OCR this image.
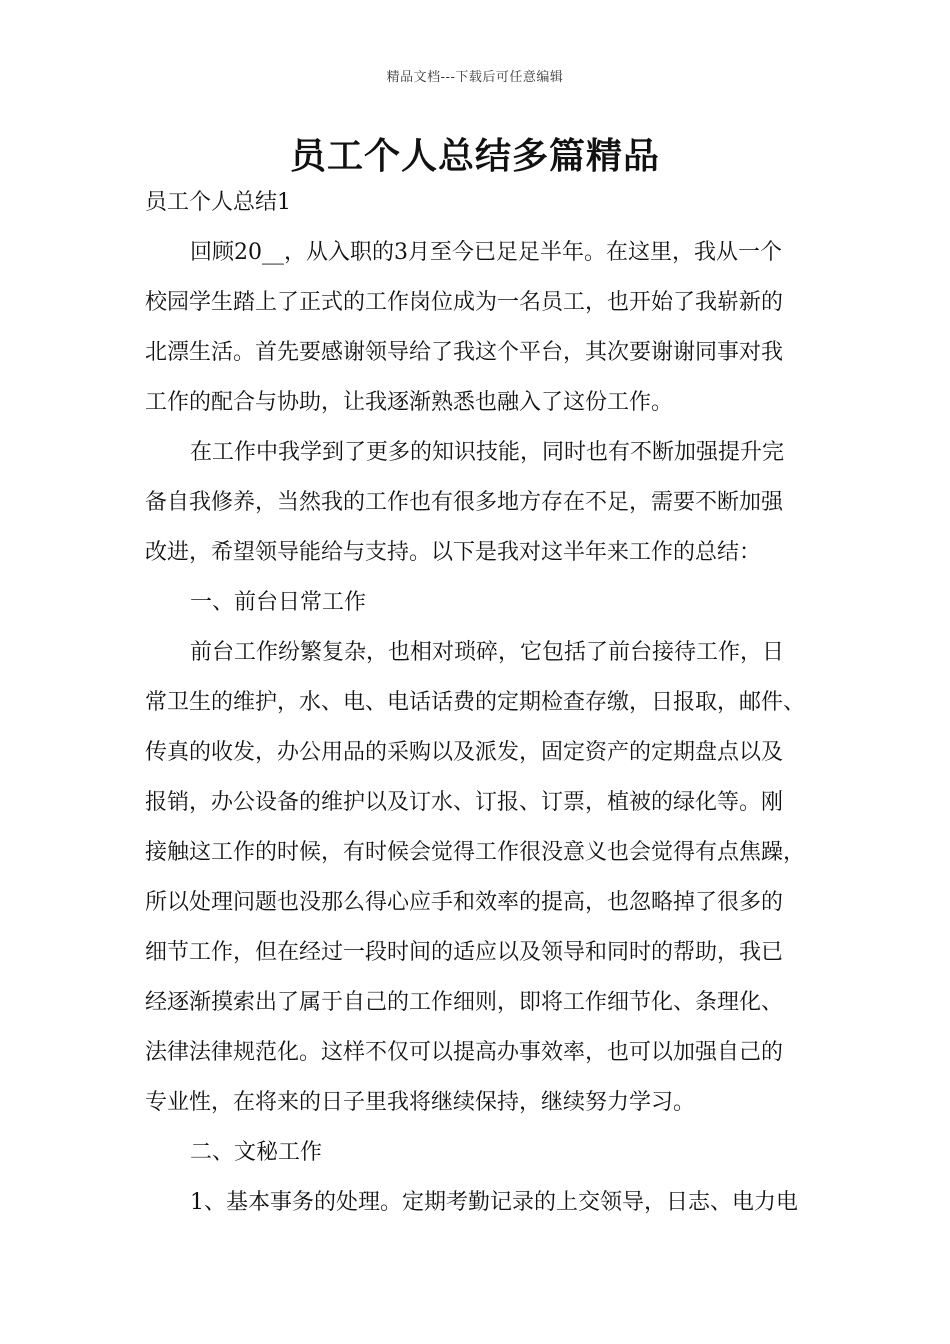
精品文档---下载后可任意编辑
员工个人总结多篇精品

员工个人总结1

回顾20__，从入职的3月至今已足足半年。在这里，我从一个

校园学生踏上了正式的工作岗位成为一名员工，也开始了我崭新的

北漂生活。首先要感谢领导给了我这个平台，其次要谢谢同事对我

工作的配合与协助，让我逐渐熟悉也融入了这份工作。

在工作中我学到了更多的知识技能，同时也有不断加强提升完

备自我修养，当然我的工作也有很多地方存在不足，需要不断加强

改进，希望领导能给与支持。以下是我对这半年来工作的总结：

一、前台日常工作

前台工作纷繁复杂，也相对琐碎，它包括了前台接待工作，日

常卫生的维护，水、电、电话话费的定期检查存缴，日报取，邮件、

传真的收发，办公用品的采购以及派发，固定资产的定期盘点以及

报销，办公设备的维护以及订水、订报、订票，植被的绿化等。刚

接触这工作的时候，有时候会觉得工作很没意义也会觉得有点焦躁，

所以处理问题也没那么得心应手和效率的提高，也忽略掉了很多的

细节工作，但在经过一段时间的适应以及领导和同时的帮助，我已

经逐渐摸索出了属于自己的工作细则，即将工作细节化、条理化、

法律法律规范化。这样不仅可以提高办事效率，也可以加强自己的

专业性，在将来的日子里我将继续保持，继续努力学习。

二、文秘工作

1、基本事务的处理。定期考勤记录的上交领导，日志、电力电
